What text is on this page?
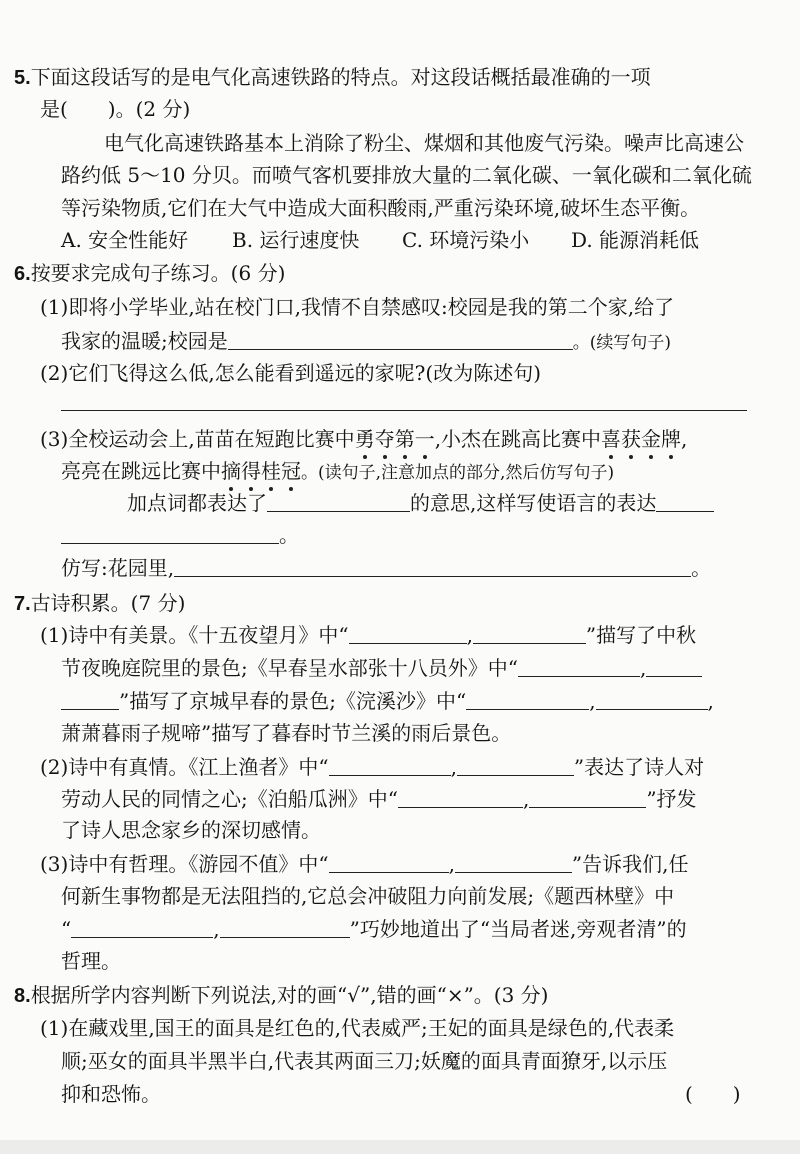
5.下面这段话写的是电气化高速铁路的特点。对这段话概括最准确的一项
是(　　)。(2 分)
电气化高速铁路基本上消除了粉尘、煤烟和其他废气污染。噪声比高速公
路约低 5～10 分贝。而喷气客机要排放大量的二氧化碳、一氧化碳和二氧化硫
等污染物质,它们在大气中造成大面积酸雨,严重污染环境,破坏生态平衡。
A. 安全性能好 B. 运行速度快 C. 环境污染小 D. 能源消耗低
6.按要求完成句子练习。(6 分)
(1)即将小学毕业,站在校门口,我情不自禁感叹:校园是我的第二个家,给了
我家的温暖;校园是	。(续写句子)
(2)它们飞得这么低,怎么能看到遥远的家呢?(改为陈述句)
(3)全校运动会上,苗苗在短跑比赛中勇夺第一,小杰在跳高比赛中喜获金牌,
亮亮在跳远比赛中摘得桂冠。(读句子,注意加点的部分,然后仿写句子)
加点词都表达了	的意思,这样写使语言的表达
。
仿写:花园里,	。
7.古诗积累。(7 分)
(1)诗中有美景。《十五夜望月》中“	,	”描写了中秋
节夜晚庭院里的景色;《早春呈水部张十八员外》中“	,
”描写了京城早春的景色;《浣溪沙》中“	,	,
萧萧暮雨子规啼”描写了暮春时节兰溪的雨后景色。
(2)诗中有真情。《江上渔者》中“	,	”表达了诗人对
劳动人民的同情之心;《泊船瓜洲》中“	,	”抒发
了诗人思念家乡的深切感情。
(3)诗中有哲理。《游园不值》中“	,	”告诉我们,任
何新生事物都是无法阻挡的,它总会冲破阻力向前发展;《题西林壁》中
“	,	”巧妙地道出了“当局者迷,旁观者清”的
哲理。
8.根据所学内容判断下列说法,对的画“√”,错的画“×”。(3 分)
(1)在藏戏里,国王的面具是红色的,代表威严;王妃的面具是绿色的,代表柔
顺;巫女的面具半黑半白,代表其两面三刀;妖魔的面具青面獠牙,以示压
抑和恐怖。	(　　)
